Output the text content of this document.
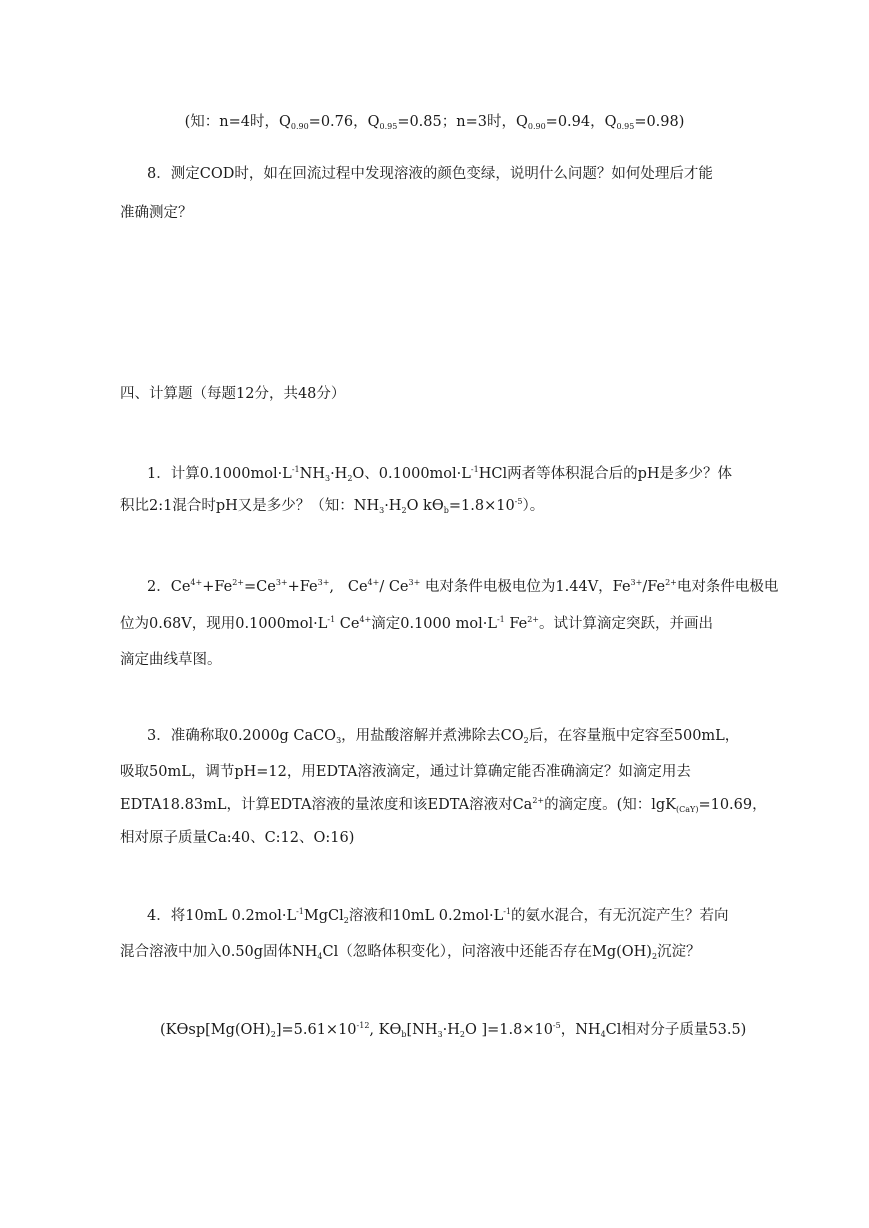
(知：n=4时，$Q_{0.90}=0.76$，$Q_{0.95}=0.85$；n=3时，$Q_{0.90}=0.94$，$Q_{0.95}=0.98$)
8．测定COD时，如在回流过程中发现溶液的颜色变绿，说明什么问题？如何处理后才能
准确测定？
四、计算题（每题12分，共48分）
1．计算$0.1000mol\cdot L^{-1}NH_3\cdot H_2O$、$0.1000mol\cdot L^{-1}HCl$两者等体积混合后的pH是多少？体
积比2:1混合时pH又是多少？（知：$NH_3\cdot H_2O$ $kϴ_b=1.8\times 10^{-5}$）。
2．$Ce^{4+}+Fe^{2+}=Ce^{3+}+Fe^{3+}$,   $Ce^{4+}/$ $Ce^{3+}$ 电对条件电极电位为1.44V，$Fe^{3+}/Fe^{2+}$电对条件电极电
位为0.68V，现用$0.1000mol\cdot L^{-1}$ $Ce^{4+}$滴定0.1000 $mol\cdot L^{-1}$ $Fe^{2+}$。试计算滴定突跃，并画出
滴定曲线草图。
3．准确称取0.2000g CaCO$_3$，用盐酸溶解并煮沸除去$CO_2$后，在容量瓶中定容至500mL，
吸取50mL，调节pH=12，用EDTA溶液滴定，通过计算确定能否准确滴定？如滴定用去
EDTA18.83mL，计算EDTA溶液的量浓度和该EDTA溶液对$Ca^{2+}$的滴定度。(知：lgK$_{(CaY)}$=10.69，
相对原子质量Ca:40、C:12、O:16)
4．将10mL $0.2mol\cdot L^{-1}MgCl_2$溶液和10mL $0.2mol\cdot L^{-1}$的氨水混合，有无沉淀产生？若向
混合溶液中加入0.50g固体$NH_4Cl$（忽略体积变化），问溶液中还能否存在$Mg(OH)_2$沉淀？
($Kϴsp[Mg(OH)_2]=5.61\times 10^{-12}$, $Kϴ_b[NH_3\cdot H_2O$ ]$=1.8\times 10^{-5}$，$NH_4Cl$相对分子质量53.5)
